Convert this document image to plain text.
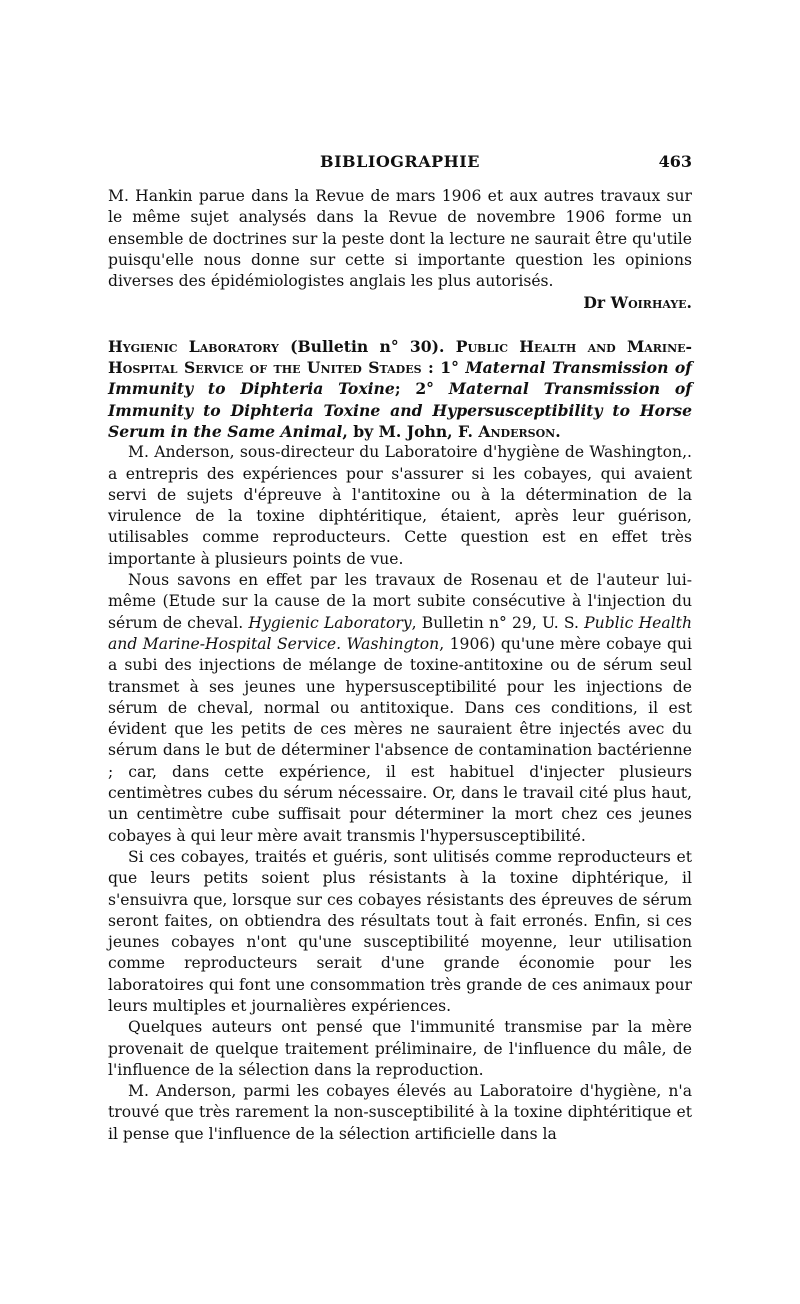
BIBLIOGRAPHIE	463

M. Hankin parue dans la Revue de mars 1906 et aux autres travaux sur le même sujet analysés dans la Revue de novembre 1906 forme un ensemble de doctrines sur la peste dont la lecture ne saurait être qu'utile puisqu'elle nous donne sur cette si importante question les opinions diverses des épidémiologistes anglais les plus autorisés.

Dr Woirhaye.

Hygienic Laboratory (Bulletin n° 30). Public Health and Marine-Hospital Service of the United Stades : 1° Maternal Transmission of Immunity to Diphteria Toxine; 2° Maternal Transmission of Immunity to Diphteria Toxine and Hypersusceptibility to Horse Serum in the Same Animal, by M. John, F. Anderson.

M. Anderson, sous-directeur du Laboratoire d'hygiène de Washington,. a entrepris des expériences pour s'assurer si les cobayes, qui avaient servi de sujets d'épreuve à l'antitoxine ou à la détermination de la virulence de la toxine diphtéritique, étaient, après leur guérison, utilisables comme reproducteurs. Cette question est en effet très importante à plusieurs points de vue.

Nous savons en effet par les travaux de Rosenau et de l'auteur lui-même (Etude sur la cause de la mort subite consécutive à l'injection du sérum de cheval. Hygienic Laboratory, Bulletin n° 29, U. S. Public Health and Marine-Hospital Service. Washington, 1906) qu'une mère cobaye qui a subi des injections de mélange de toxine-antitoxine ou de sérum seul transmet à ses jeunes une hypersusceptibilité pour les injections de sérum de cheval, normal ou antitoxique. Dans ces conditions, il est évident que les petits de ces mères ne sauraient être injectés avec du sérum dans le but de déterminer l'absence de contamination bactérienne ; car, dans cette expérience, il est habituel d'injecter plusieurs centimètres cubes du sérum nécessaire. Or, dans le travail cité plus haut, un centimètre cube suffisait pour déterminer la mort chez ces jeunes cobayes à qui leur mère avait transmis l'hypersusceptibilité.

Si ces cobayes, traités et guéris, sont ulitisés comme reproducteurs et que leurs petits soient plus résistants à la toxine diphtérique, il s'ensuivra que, lorsque sur ces cobayes résistants des épreuves de sérum seront faites, on obtiendra des résultats tout à fait erronés. Enfin, si ces jeunes cobayes n'ont qu'une susceptibilité moyenne, leur utilisation comme reproducteurs serait d'une grande économie pour les laboratoires qui font une consommation très grande de ces animaux pour leurs multiples et journalières expériences.

Quelques auteurs ont pensé que l'immunité transmise par la mère provenait de quelque traitement préliminaire, de l'influence du mâle, de l'influence de la sélection dans la reproduction.

M. Anderson, parmi les cobayes élevés au Laboratoire d'hygiène, n'a trouvé que très rarement la non-susceptibilité à la toxine diphtéritique et il pense que l'influence de la sélection artificielle dans la
